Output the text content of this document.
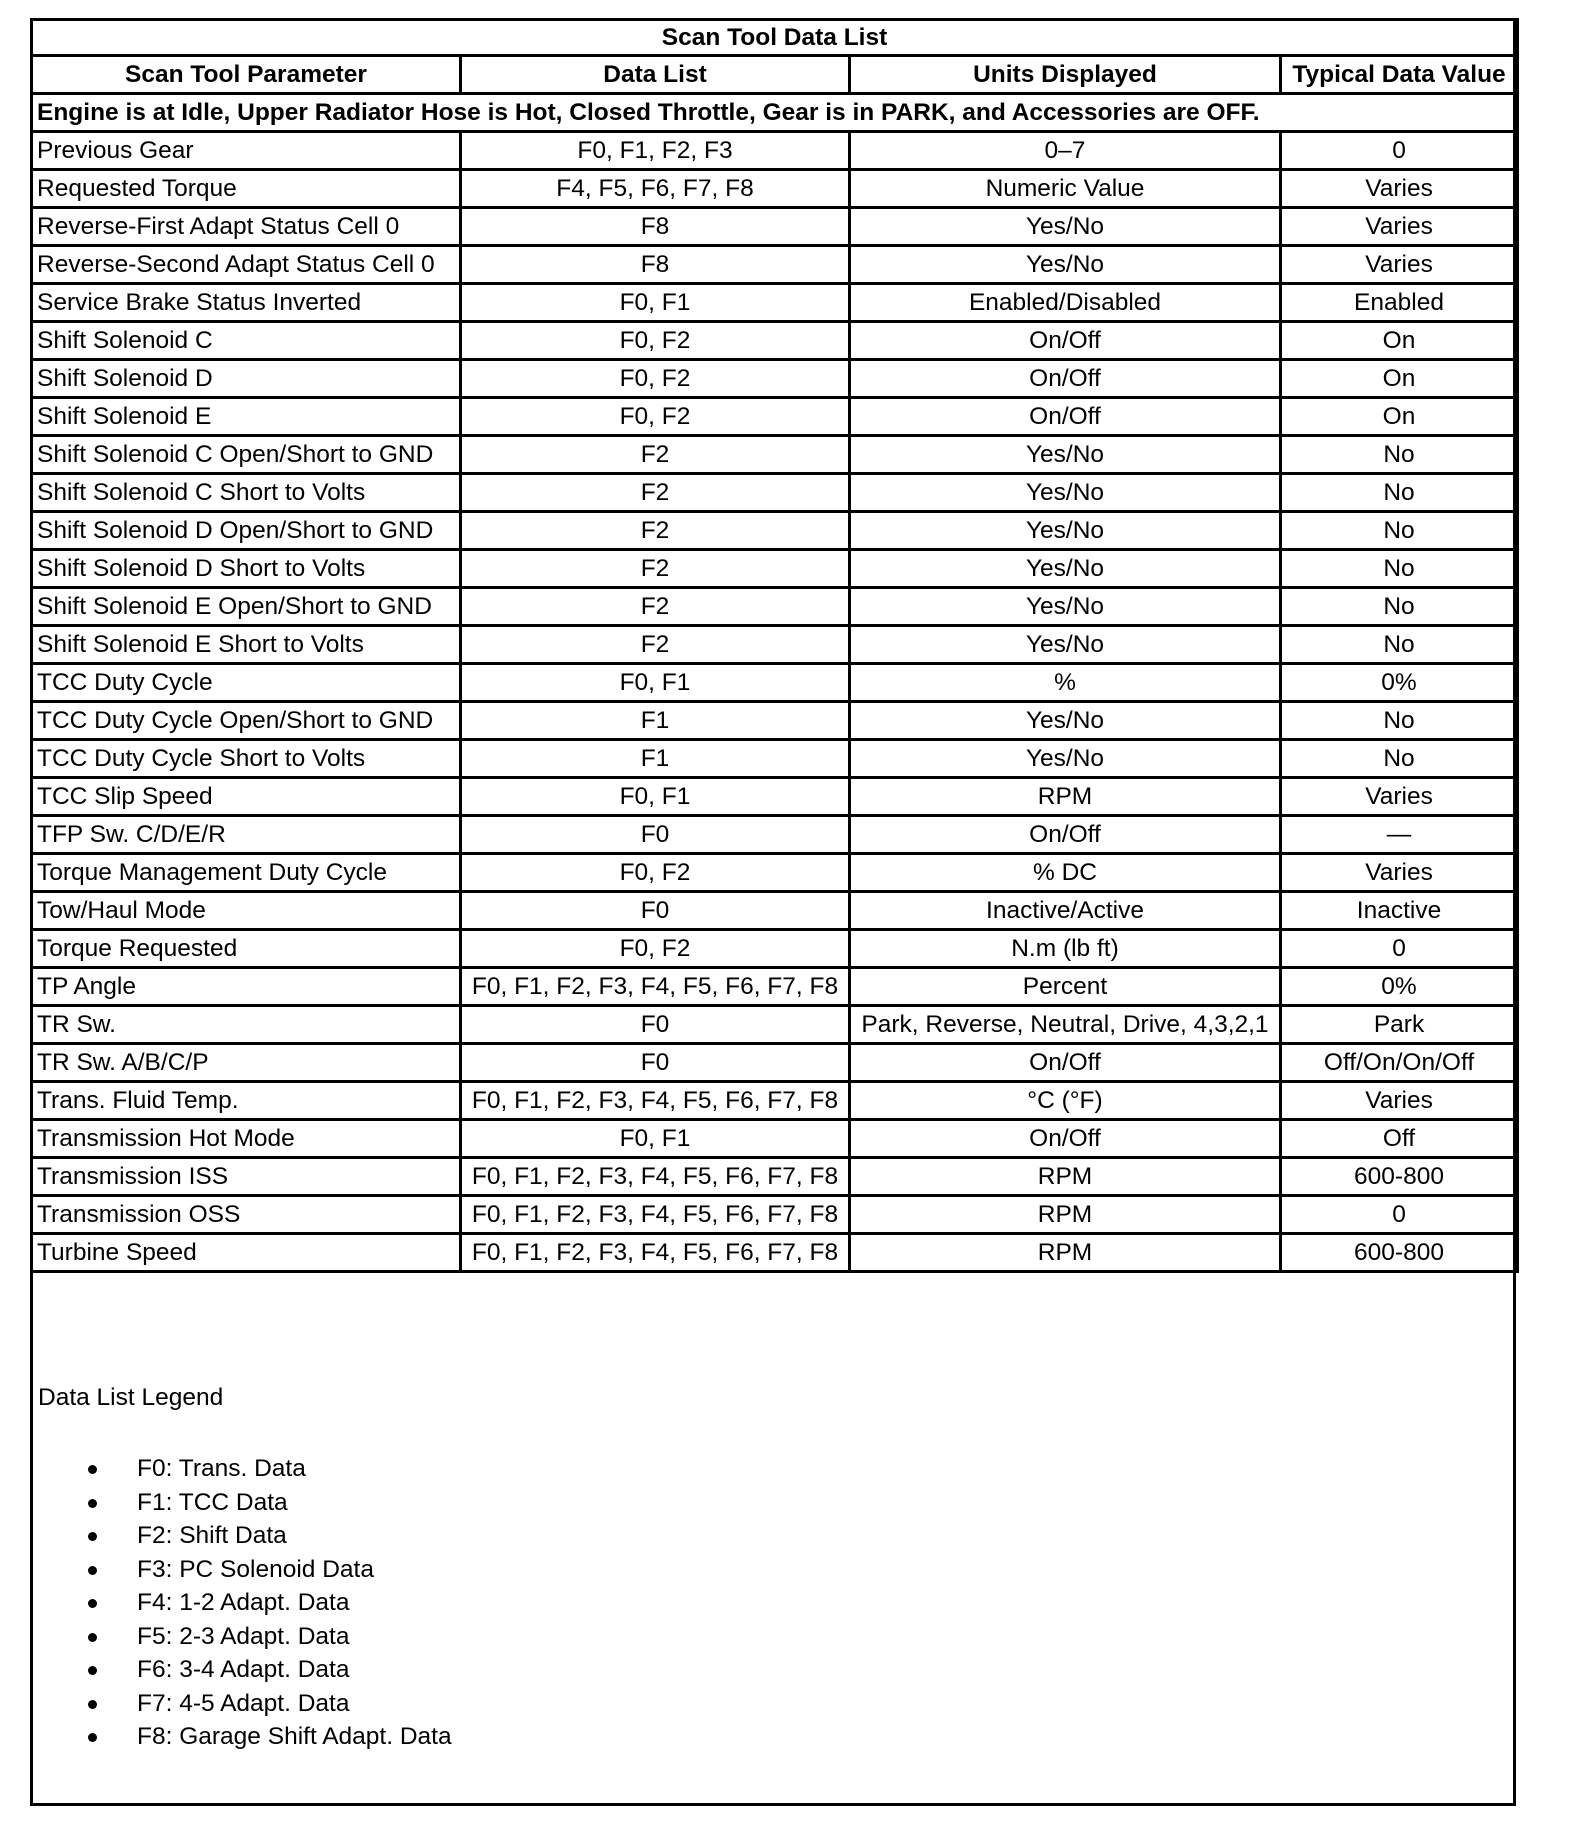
Scan Tool Data List			
Scan Tool Parameter	Data List	Units Displayed	Typical Data Value
Engine is at Idle, Upper Radiator Hose is Hot, Closed Throttle, Gear is in PARK, and Accessories are OFF.			
Previous Gear	F0, F1, F2, F3	0–7	0
Requested Torque	F4, F5, F6, F7, F8	Numeric Value	Varies
Reverse-First Adapt Status Cell 0	F8	Yes/No	Varies
Reverse-Second Adapt Status Cell 0	F8	Yes/No	Varies
Service Brake Status Inverted	F0, F1	Enabled/Disabled	Enabled
Shift Solenoid C	F0, F2	On/Off	On
Shift Solenoid D	F0, F2	On/Off	On
Shift Solenoid E	F0, F2	On/Off	On
Shift Solenoid C Open/Short to GND	F2	Yes/No	No
Shift Solenoid C Short to Volts	F2	Yes/No	No
Shift Solenoid D Open/Short to GND	F2	Yes/No	No
Shift Solenoid D Short to Volts	F2	Yes/No	No
Shift Solenoid E Open/Short to GND	F2	Yes/No	No
Shift Solenoid E Short to Volts	F2	Yes/No	No
TCC Duty Cycle	F0, F1	%	0%
TCC Duty Cycle Open/Short to GND	F1	Yes/No	No
TCC Duty Cycle Short to Volts	F1	Yes/No	No
TCC Slip Speed	F0, F1	RPM	Varies
TFP Sw. C/D/E/R	F0	On/Off	—
Torque Management Duty Cycle	F0, F2	% DC	Varies
Tow/Haul Mode	F0	Inactive/Active	Inactive
Torque Requested	F0, F2	N.m (lb ft)	0
TP Angle	F0, F1, F2, F3, F4, F5, F6, F7, F8	Percent	0%
TR Sw.	F0	Park, Reverse, Neutral, Drive, 4,3,2,1	Park
TR Sw. A/B/C/P	F0	On/Off	Off/On/On/Off
Trans. Fluid Temp.	F0, F1, F2, F3, F4, F5, F6, F7, F8	°C (°F)	Varies
Transmission Hot Mode	F0, F1	On/Off	Off
Transmission ISS	F0, F1, F2, F3, F4, F5, F6, F7, F8	RPM	600-800
Transmission OSS	F0, F1, F2, F3, F4, F5, F6, F7, F8	RPM	0
Turbine Speed	F0, F1, F2, F3, F4, F5, F6, F7, F8	RPM	600-800
Data List Legend
F0: Trans. Data
F1: TCC Data
F2: Shift Data
F3: PC Solenoid Data
F4: 1-2 Adapt. Data
F5: 2-3 Adapt. Data
F6: 3-4 Adapt. Data
F7: 4-5 Adapt. Data
F8: Garage Shift Adapt. Data
